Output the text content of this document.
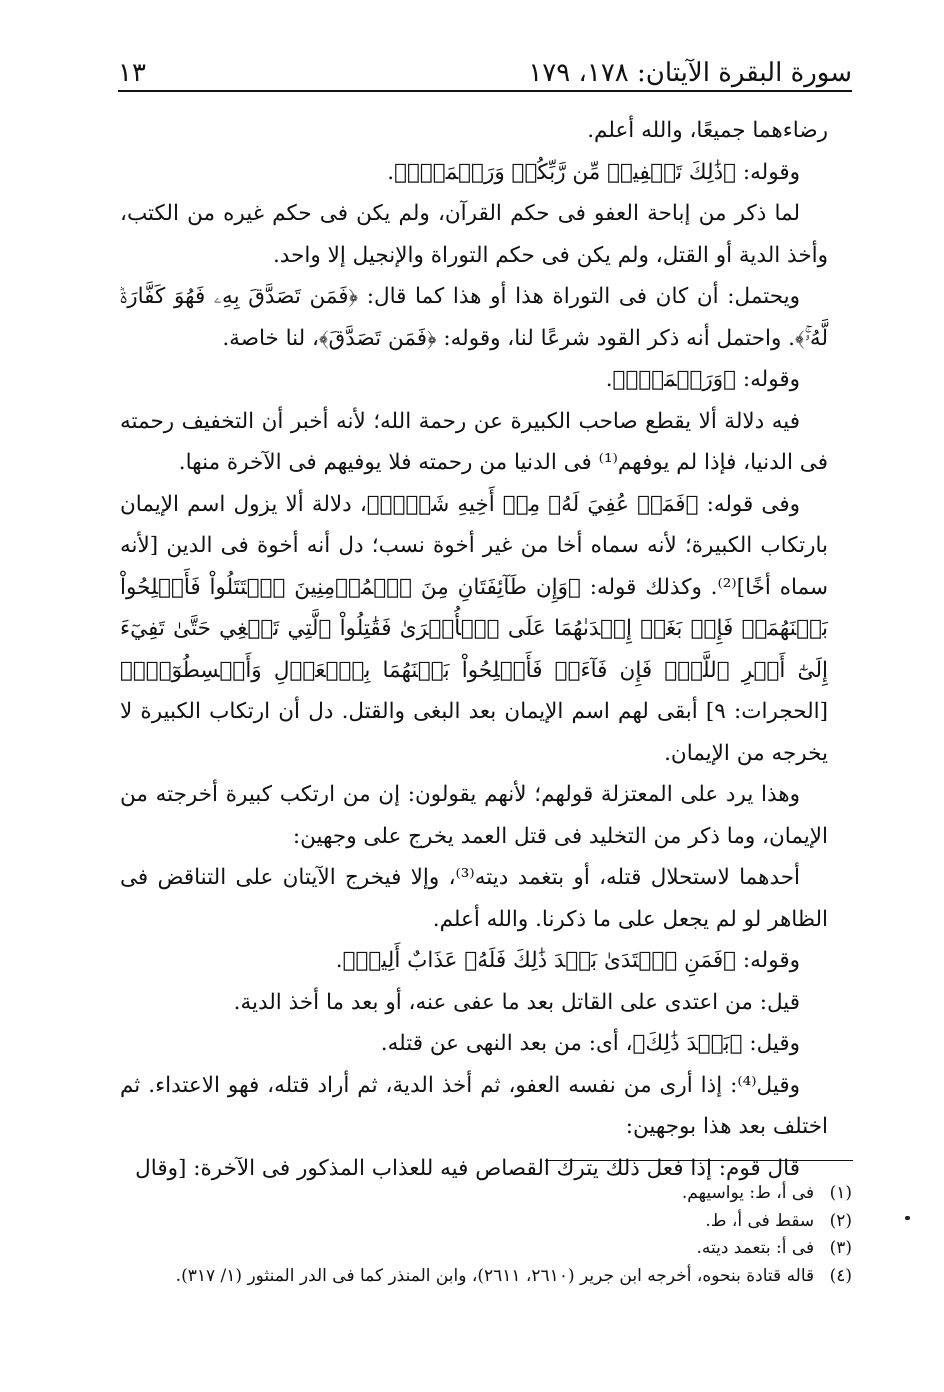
سورة البقرة الآيتان: ١٧٨، ١٧٩
١٣

رضاءهما جميعًا، والله أعلم.

وقوله: ﴿ذَٰلِكَ تَخۡفِيفٞ مِّن رَّبِّكُمۡ وَرَحۡمَةٞۗ﴾.

لما ذكر من إباحة العفو فى حكم القرآن، ولم يكن فى حكم غيره من الكتب، وأخذ الدية أو القتل، ولم يكن فى حكم التوراة والإنجيل إلا واحد.

ويحتمل: أن كان فى التوراة هذا أو هذا كما قال: ﴿فَمَن تَصَدَّقَ بِهِۦ فَهُوَ كَفَّارَةٞ لَّهُۥۚ﴾. واحتمل أنه ذكر القود شرعًا لنا، وقوله: ﴿فَمَن تَصَدَّقَ﴾، لنا خاصة.

وقوله: ﴿وَرَحۡمَةٞۗ﴾.

فيه دلالة ألا يقطع صاحب الكبيرة عن رحمة الله؛ لأنه أخبر أن التخفيف رحمته فى الدنيا، فإذا لم يوفهم⁽¹⁾ فى الدنيا من رحمته فلا يوفيهم فى الآخرة منها.

وفى قوله: ﴿فَمَنۡ عُفِيَ لَهُۥ مِنۡ أَخِيهِ شَيۡءٞ﴾، دلالة ألا يزول اسم الإيمان بارتكاب الكبيرة؛ لأنه سماه أخا من غير أخوة نسب؛ دل أنه أخوة فى الدين [لأنه سماه أخًا]⁽²⁾. وكذلك قوله: ﴿وَإِن طَآئِفَتَانِ مِنَ ٱلۡمُؤۡمِنِينَ ٱقۡتَتَلُواْ فَأَصۡلِحُواْ بَيۡنَهُمَاۖ فَإِنۢ بَغَتۡ إِحۡدَىٰهُمَا عَلَى ٱلۡأُخۡرَىٰ فَقَٰتِلُواْ ٱلَّتِي تَبۡغِي حَتَّىٰ تَفِيٓءَ إِلَىٰٓ أَمۡرِ ٱللَّهِۚ فَإِن فَآءَتۡ فَأَصۡلِحُواْ بَيۡنَهُمَا بِٱلۡعَدۡلِ وَأَقۡسِطُوٓاْۖ﴾ [الحجرات: ٩] أبقى لهم اسم الإيمان بعد البغى والقتل. دل أن ارتكاب الكبيرة لا يخرجه من الإيمان.

وهذا يرد على المعتزلة قولهم؛ لأنهم يقولون: إن من ارتكب كبيرة أخرجته من الإيمان، وما ذكر من التخليد فى قتل العمد يخرج على وجهين:

أحدهما لاستحلال قتله، أو بتغمد ديته⁽³⁾، وإلا فيخرج الآيتان على التناقض فى الظاهر لو لم يجعل على ما ذكرنا. والله أعلم.

وقوله: ﴿فَمَنِ ٱعۡتَدَىٰ بَعۡدَ ذَٰلِكَ فَلَهُۥ عَذَابٌ أَلِيمٞ﴾.

قيل: من اعتدى على القاتل بعد ما عفى عنه، أو بعد ما أخذ الدية.

وقيل: ﴿بَعۡدَ ذَٰلِكَ﴾، أى: من بعد النهى عن قتله.

وقيل⁽⁴⁾: إذا أرى من نفسه العفو، ثم أخذ الدية، ثم أراد قتله، فهو الاعتداء. ثم اختلف بعد هذا بوجهين:

قال قوم: إذا فعل ذلك يترك القصاص فيه للعذاب المذكور فى الآخرة: [وقال

(١) فى أ، ط: يواسيهم.

(٢) سقط فى أ، ط.

(٣) فى أ: بتعمد ديته.

(٤) قاله قتادة بنحوه، أخرجه ابن جرير (٢٦١٠، ٢٦١١)، وابن المنذر كما فى الدر المنثور (١/ ٣١٧).
